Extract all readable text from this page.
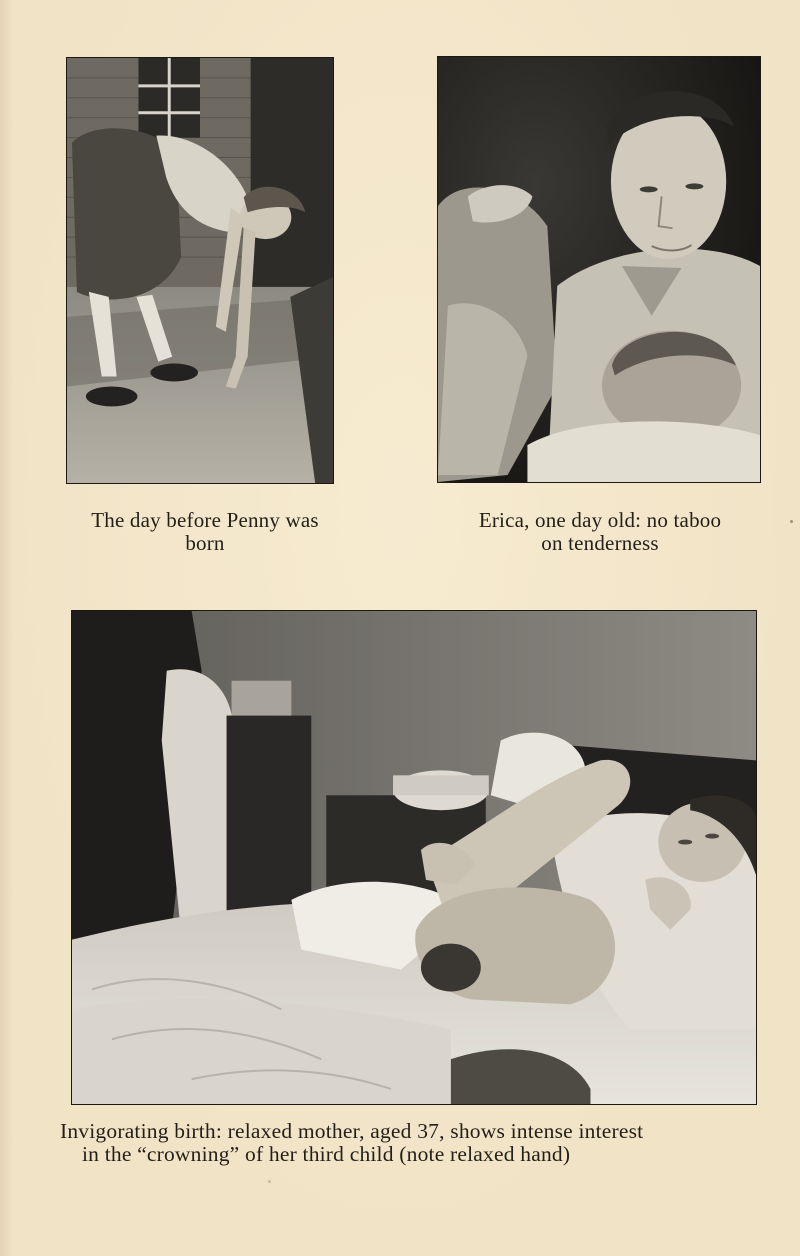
The day before Penny was
born
Erica, one day old: no taboo
on tenderness
Invigorating birth: relaxed mother, aged 37, shows intense interest
in the “crowning” of her third child (note relaxed hand)
